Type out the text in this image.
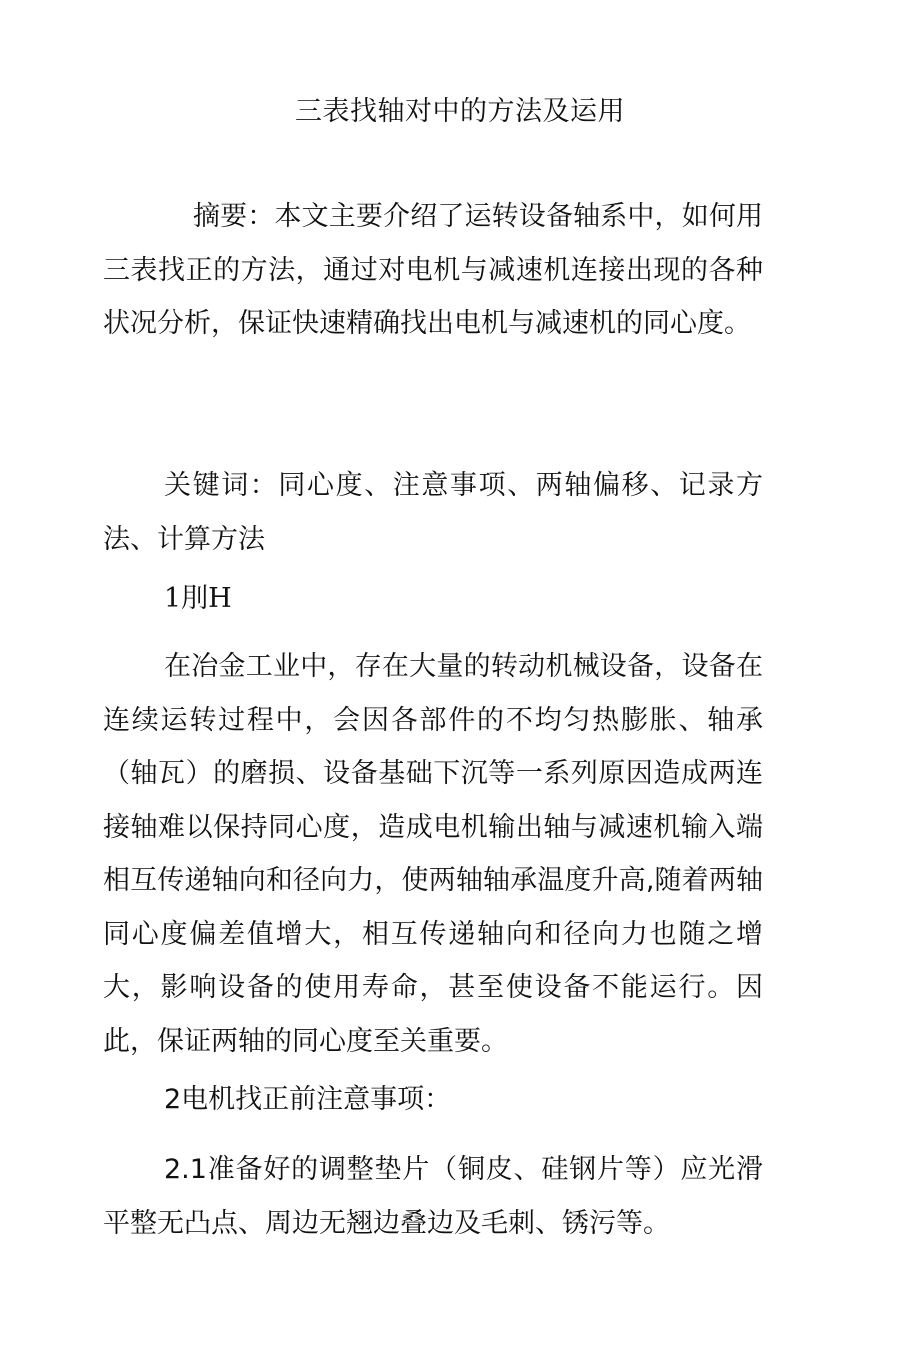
三表找轴对中的方法及运用

摘要：本文主要介绍了运转设备轴系中，如何用三表找正的方法，通过对电机与减速机连接出现的各种状况分析，保证快速精确找出电机与减速机的同心度。

关键词：同心度、注意事项、两轴偏移、记录方法、计算方法

1刖H

在冶金工业中，存在大量的转动机械设备，设备在连续运转过程中，会因各部件的不均匀热膨胀、轴承（轴瓦）的磨损、设备基础下沉等一系列原因造成两连接轴难以保持同心度，造成电机输出轴与减速机输入端相互传递轴向和径向力，使两轴轴承温度升高,随着两轴同心度偏差值增大，相互传递轴向和径向力也随之增大，影响设备的使用寿命，甚至使设备不能运行。因此，保证两轴的同心度至关重要。

2电机找正前注意事项：

2.1准备好的调整垫片（铜皮、硅钢片等）应光滑平整无凸点、周边无翘边叠边及毛刺、锈污等。
